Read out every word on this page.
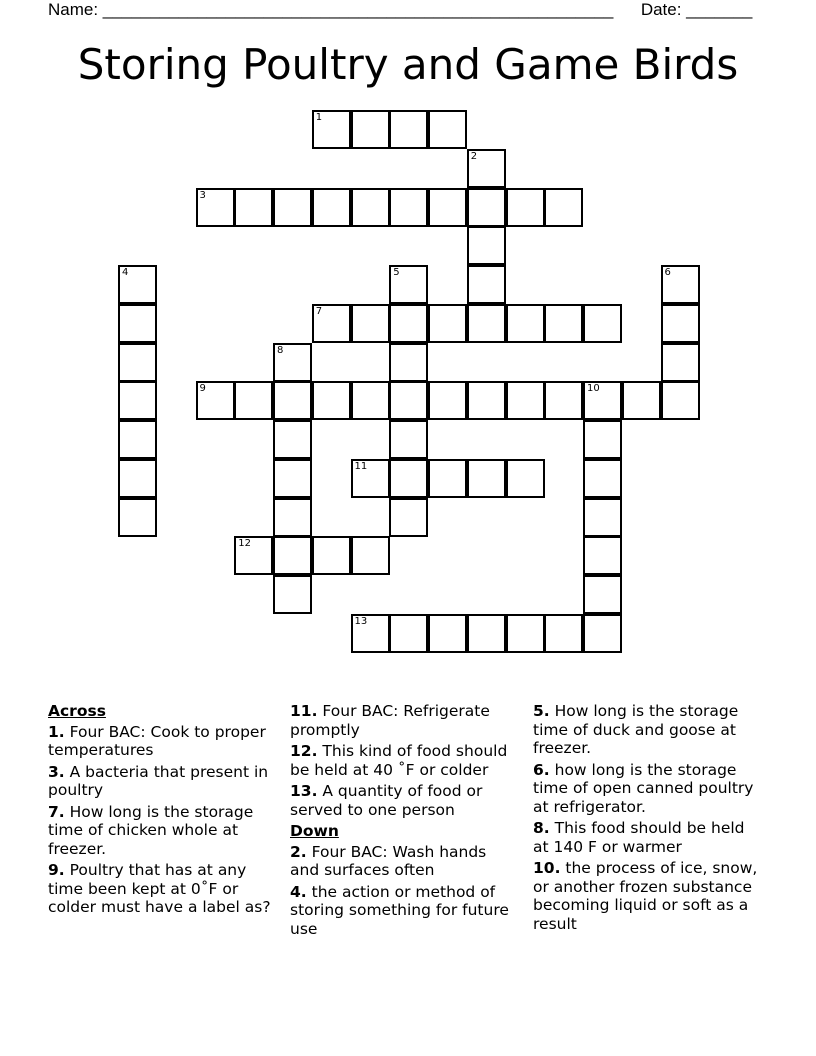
Name: ______________________________________________________ Date: _______
Storing Poultry and Game Birds
1
2
3
4	5	6
7
8
9	10
11
12
13
Across
1. Four BAC: Cook to proper temperatures
3. A bacteria that present in poultry
7. How long is the storage time of chicken whole at freezer.
9. Poultry that has at any time been kept at 0˚F or colder must have a label as?
11. Four BAC: Refrigerate promptly
12. This kind of food should be held at 40 ˚F or colder
13. A quantity of food or served to one person
Down
2. Four BAC: Wash hands and surfaces often
4. the action or method of storing something for future use
5. How long is the storage time of duck and goose at freezer.
6. how long is the storage time of open canned poultry at refrigerator.
8. This food should be held at 140 F or warmer
10. the process of ice, snow, or another frozen substance becoming liquid or soft as a result
